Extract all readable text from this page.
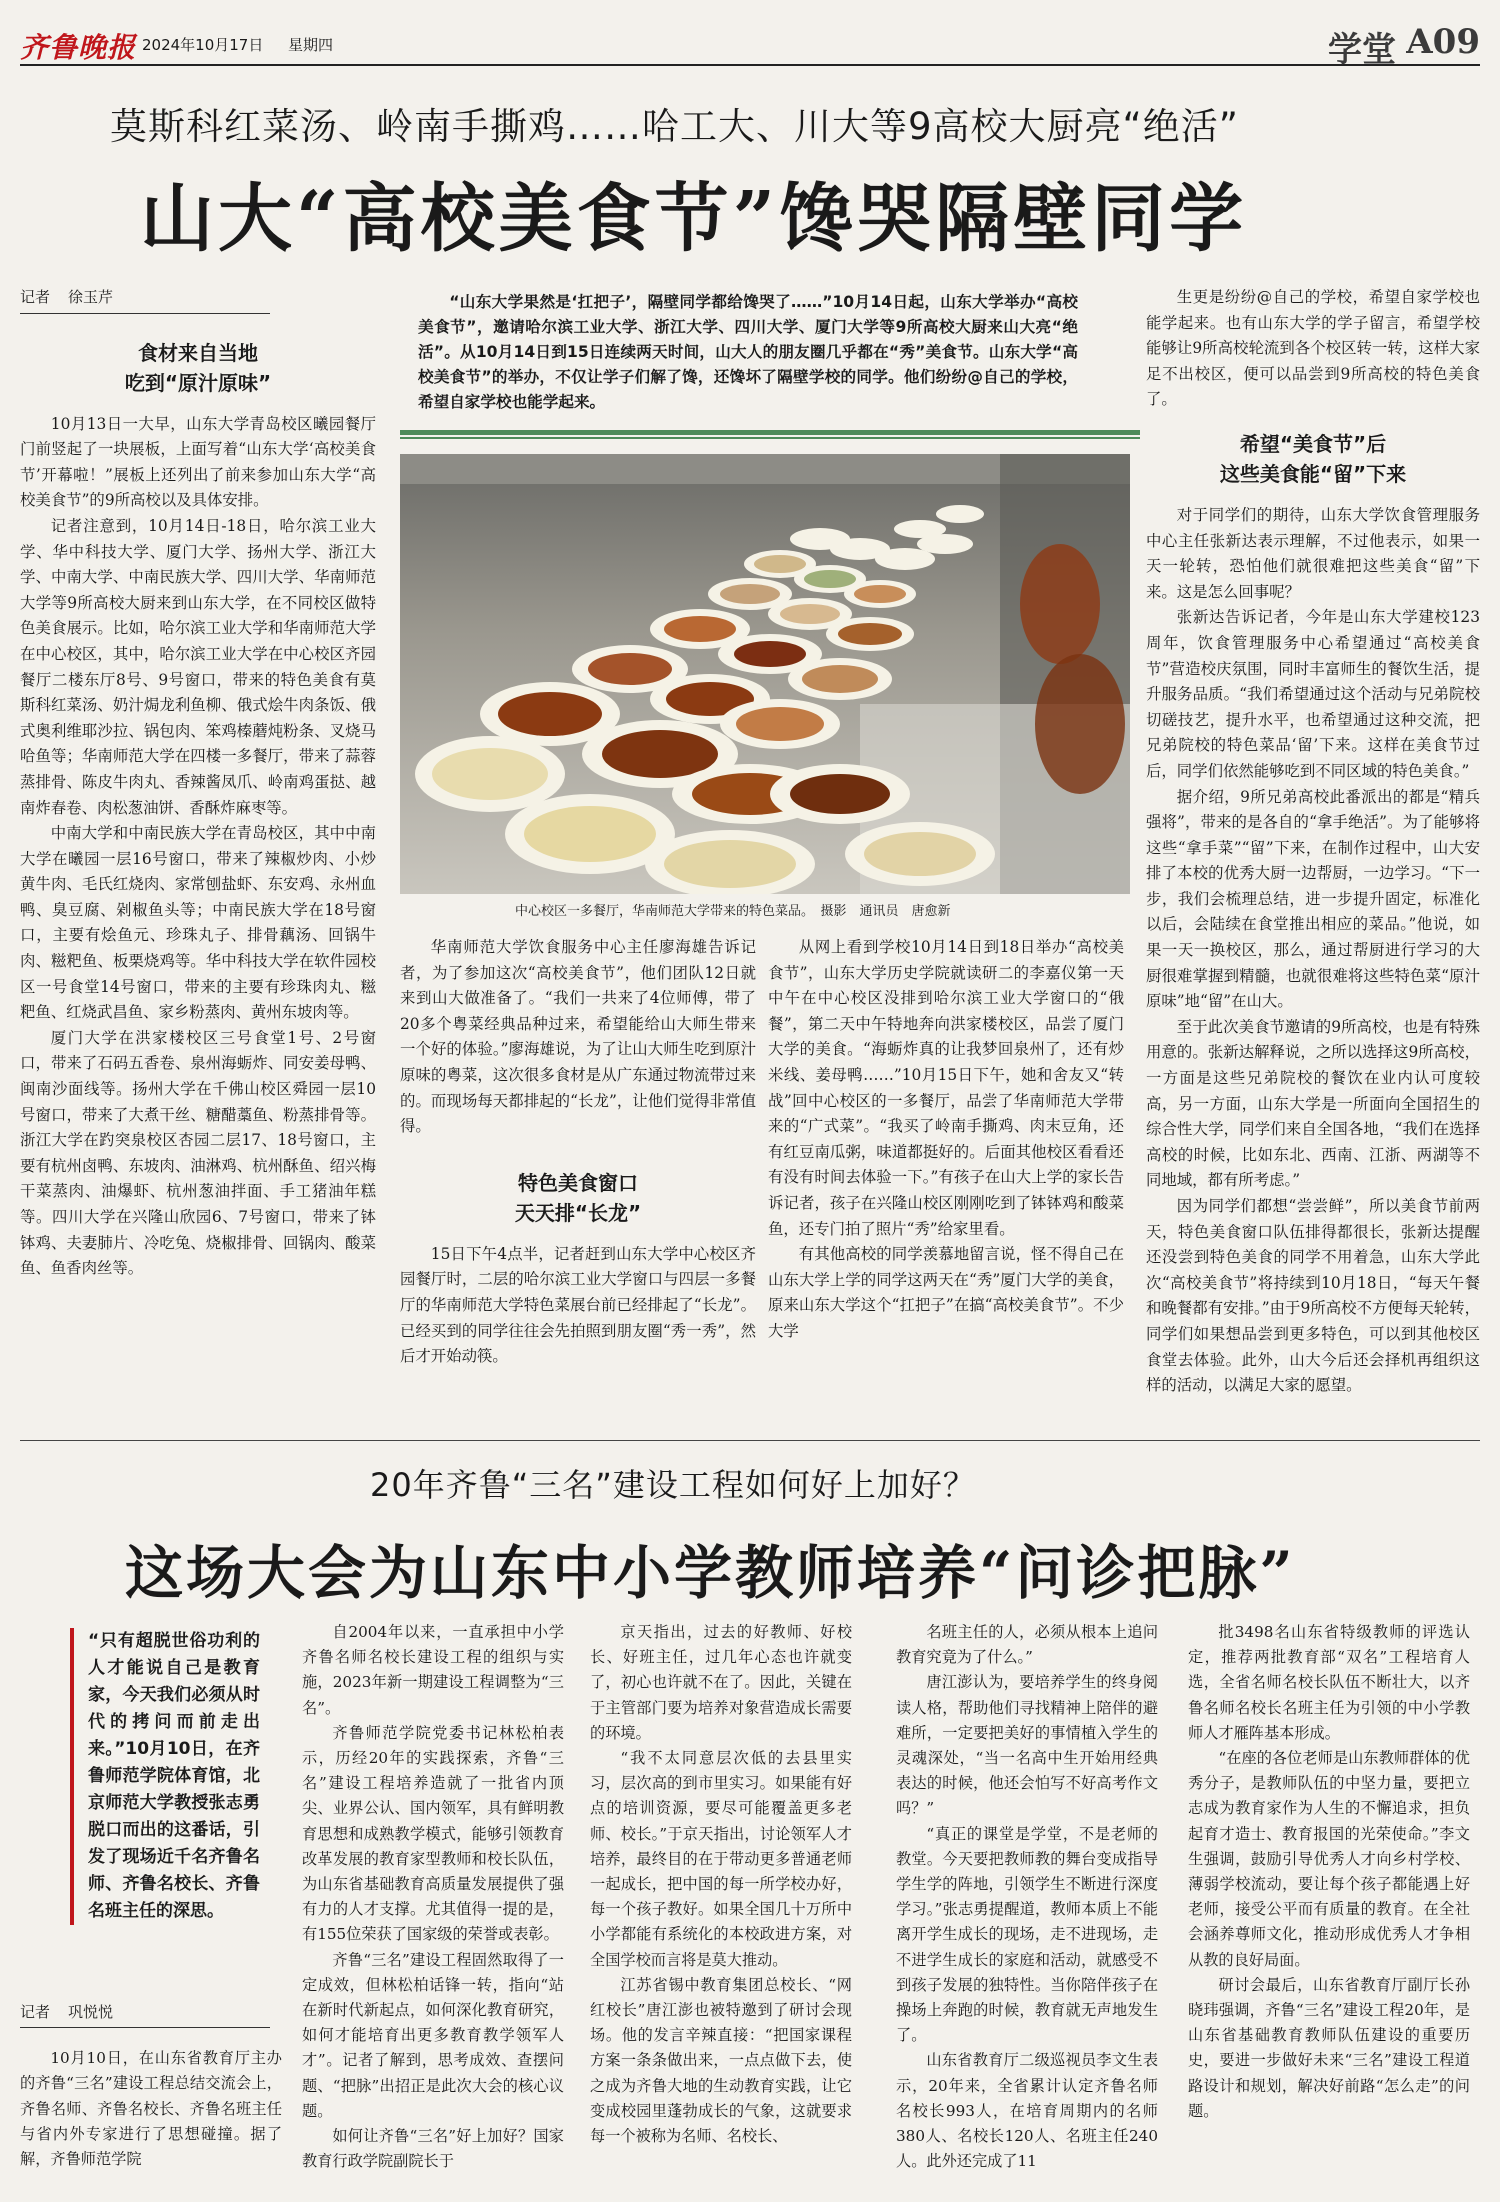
齐鲁晚报 2024年10月17日 星期四	学堂 A09
莫斯科红菜汤、岭南手撕鸡……哈工大、川大等9高校大厨亮“绝活”
山大“高校美食节”馋哭隔壁同学
记者 徐玉芹
食材来自当地
吃到“原汁原味”

10月13日一大早，山东大学青岛校区曦园餐厅门前竖起了一块展板，上面写着“山东大学‘高校美食节’开幕啦！”展板上还列出了前来参加山东大学“高校美食节”的9所高校以及具体安排。

记者注意到，10月14日-18日，哈尔滨工业大学、华中科技大学、厦门大学、扬州大学、浙江大学、中南大学、中南民族大学、四川大学、华南师范大学等9所高校大厨来到山东大学，在不同校区做特色美食展示。比如，哈尔滨工业大学和华南师范大学在中心校区，其中，哈尔滨工业大学在中心校区齐园餐厅二楼东厅8号、9号窗口，带来的特色美食有莫斯科红菜汤、奶汁焗龙利鱼柳、俄式烩牛肉条饭、俄式奥利维耶沙拉、锅包肉、笨鸡榛蘑炖粉条、叉烧马哈鱼等；华南师范大学在四楼一多餐厅，带来了蒜蓉蒸排骨、陈皮牛肉丸、香辣酱凤爪、岭南鸡蛋挞、越南炸春卷、肉松葱油饼、香酥炸麻枣等。

中南大学和中南民族大学在青岛校区，其中中南大学在曦园一层16号窗口，带来了辣椒炒肉、小炒黄牛肉、毛氏红烧肉、家常刨盐虾、东安鸡、永州血鸭、臭豆腐、剁椒鱼头等；中南民族大学在18号窗口，主要有烩鱼元、珍珠丸子、排骨藕汤、回锅牛肉、糍粑鱼、板栗烧鸡等。华中科技大学在软件园校区一号食堂14号窗口，带来的主要有珍珠肉丸、糍粑鱼、红烧武昌鱼、家乡粉蒸肉、黄州东坡肉等。

厦门大学在洪家楼校区三号食堂1号、2号窗口，带来了石码五香卷、泉州海蛎炸、同安姜母鸭、闽南沙面线等。扬州大学在千佛山校区舜园一层10号窗口，带来了大煮干丝、糖醋藁鱼、粉蒸排骨等。浙江大学在趵突泉校区杏园二层17、18号窗口，主要有杭州卤鸭、东坡肉、油淋鸡、杭州酥鱼、绍兴梅干菜蒸肉、油爆虾、杭州葱油拌面、手工猪油年糕等。四川大学在兴隆山欣园6、7号窗口，带来了钵钵鸡、夫妻肺片、冷吃兔、烧椒排骨、回锅肉、酸菜鱼、鱼香肉丝等。

“山东大学果然是‘扛把子’，隔壁同学都给馋哭了……”10月14日起，山东大学举办“高校美食节”，邀请哈尔滨工业大学、浙江大学、四川大学、厦门大学等9所高校大厨来山大亮“绝活”。从10月14日到15日连续两天时间，山大人的朋友圈几乎都在“秀”美食节。山东大学“高校美食节”的举办，不仅让学子们解了馋，还馋坏了隔壁学校的同学。他们纷纷@自己的学校，希望自家学校也能学起来。
中心校区一多餐厅，华南师范大学带来的特色菜品。　摄影　通讯员　唐愈新

华南师范大学饮食服务中心主任廖海雄告诉记者，为了参加这次“高校美食节”，他们团队12日就来到山大做准备了。“我们一共来了4位师傅，带了20多个粤菜经典品种过来，希望能给山大师生带来一个好的体验。”廖海雄说，为了让山大师生吃到原汁原味的粤菜，这次很多食材是从广东通过物流带过来的。而现场每天都排起的“长龙”，让他们觉得非常值得。

特色美食窗口
天天排“长龙”

15日下午4点半，记者赶到山东大学中心校区齐园餐厅时，二层的哈尔滨工业大学窗口与四层一多餐厅的华南师范大学特色菜展台前已经排起了“长龙”。已经买到的同学往往会先拍照到朋友圈“秀一秀”，然后才开始动筷。

从网上看到学校10月14日到18日举办“高校美食节”，山东大学历史学院就读研二的李嘉仪第一天中午在中心校区没排到哈尔滨工业大学窗口的“俄餐”，第二天中午特地奔向洪家楼校区，品尝了厦门大学的美食。“海蛎炸真的让我梦回泉州了，还有炒米线、姜母鸭……”10月15日下午，她和舍友又“转战”回中心校区的一多餐厅，品尝了华南师范大学带来的“广式菜”。“我买了岭南手撕鸡、肉末豆角，还有红豆南瓜粥，味道都挺好的。后面其他校区看看还有没有时间去体验一下。”有孩子在山大上学的家长告诉记者，孩子在兴隆山校区刚刚吃到了钵钵鸡和酸菜鱼，还专门拍了照片“秀”给家里看。

有其他高校的同学羡慕地留言说，怪不得自己在山东大学上学的同学这两天在“秀”厦门大学的美食，原来山东大学这个“扛把子”在搞“高校美食节”。不少大学

生更是纷纷@自己的学校，希望自家学校也能学起来。也有山东大学的学子留言，希望学校能够让9所高校轮流到各个校区转一转，这样大家足不出校区，便可以品尝到9所高校的特色美食了。

希望“美食节”后
这些美食能“留”下来

对于同学们的期待，山东大学饮食管理服务中心主任张新达表示理解，不过他表示，如果一天一轮转，恐怕他们就很难把这些美食“留”下来。这是怎么回事呢？

张新达告诉记者，今年是山东大学建校123周年，饮食管理服务中心希望通过“高校美食节”营造校庆氛围，同时丰富师生的餐饮生活，提升服务品质。“我们希望通过这个活动与兄弟院校切磋技艺，提升水平，也希望通过这种交流，把兄弟院校的特色菜品‘留’下来。这样在美食节过后，同学们依然能够吃到不同区域的特色美食。”

据介绍，9所兄弟高校此番派出的都是“精兵强将”，带来的是各自的“拿手绝活”。为了能够将这些“拿手菜”“留”下来，在制作过程中，山大安排了本校的优秀大厨一边帮厨，一边学习。“下一步，我们会梳理总结，进一步提升固定，标准化以后，会陆续在食堂推出相应的菜品。”他说，如果一天一换校区，那么，通过帮厨进行学习的大厨很难掌握到精髓，也就很难将这些特色菜“原汁原味”地“留”在山大。

至于此次美食节邀请的9所高校，也是有特殊用意的。张新达解释说，之所以选择这9所高校，一方面是这些兄弟院校的餐饮在业内认可度较高，另一方面，山东大学是一所面向全国招生的综合性大学，同学们来自全国各地，“我们在选择高校的时候，比如东北、西南、江浙、两湖等不同地域，都有所考虑。”

因为同学们都想“尝尝鲜”，所以美食节前两天，特色美食窗口队伍排得都很长，张新达提醒还没尝到特色美食的同学不用着急，山东大学此次“高校美食节”将持续到10月18日，“每天午餐和晚餐都有安排。”由于9所高校不方便每天轮转，同学们如果想品尝到更多特色，可以到其他校区食堂去体验。此外，山大今后还会择机再组织这样的活动，以满足大家的愿望。

20年齐鲁“三名”建设工程如何好上加好？
这场大会为山东中小学教师培养“问诊把脉”
“只有超脱世俗功利的人才能说自己是教育家，今天我们必须从时代的拷问而前走出来。”10月10日，在齐鲁师范学院体育馆，北京师范大学教授张志勇脱口而出的这番话，引发了现场近千名齐鲁名师、齐鲁名校长、齐鲁名班主任的深思。
记者 巩悦悦

10月10日，在山东省教育厅主办的齐鲁“三名”建设工程总结交流会上，齐鲁名师、齐鲁名校长、齐鲁名班主任与省内外专家进行了思想碰撞。据了解，齐鲁师范学院

自2004年以来，一直承担中小学齐鲁名师名校长建设工程的组织与实施，2023年新一期建设工程调整为“三名”。

齐鲁师范学院党委书记林松柏表示，历经20年的实践探索，齐鲁“三名”建设工程培养造就了一批省内顶尖、业界公认、国内领军，具有鲜明教育思想和成熟教学模式，能够引领教育改革发展的教育家型教师和校长队伍，为山东省基础教育高质量发展提供了强有力的人才支撑。尤其值得一提的是，有155位荣获了国家级的荣誉或表彰。

齐鲁“三名”建设工程固然取得了一定成效，但林松柏话锋一转，指向“站在新时代新起点，如何深化教育研究，如何才能培育出更多教育教学领军人才”。记者了解到，思考成效、查摆问题、“把脉”出招正是此次大会的核心议题。

如何让齐鲁“三名”好上加好？国家教育行政学院副院长于

京天指出，过去的好教师、好校长、好班主任，过几年心态也许就变了，初心也许就不在了。因此，关键在于主管部门要为培养对象营造成长需要的环境。

“我不太同意层次低的去县里实习，层次高的到市里实习。如果能有好点的培训资源，要尽可能覆盖更多老师、校长。”于京天指出，讨论领军人才培养，最终目的在于带动更多普通老师一起成长，把中国的每一所学校办好，每一个孩子教好。如果全国几十万所中小学都能有系统化的本校政进方案，对全国学校而言将是莫大推动。

江苏省锡中教育集团总校长、“网红校长”唐江澎也被特邀到了研讨会现场。他的发言辛辣直接：“把国家课程方案一条条做出来，一点点做下去，使之成为齐鲁大地的生动教育实践，让它变成校园里蓬勃成长的气象，这就要求每一个被称为名师、名校长、

名班主任的人，必须从根本上追问教育究竟为了什么。”

唐江澎认为，要培养学生的终身阅读人格，帮助他们寻找精神上陪伴的避难所，一定要把美好的事情植入学生的灵魂深处，“当一名高中生开始用经典表达的时候，他还会怕写不好高考作文吗？”

“真正的课堂是学堂，不是老师的教堂。今天要把教师教的舞台变成指导学生学的阵地，引领学生不断进行深度学习。”张志勇提醒道，教师本质上不能离开学生成长的现场，走不进现场，走不进学生成长的家庭和活动，就感受不到孩子发展的独特性。当你陪伴孩子在操场上奔跑的时候，教育就无声地发生了。

山东省教育厅二级巡视员李文生表示，20年来，全省累计认定齐鲁名师名校长993人，在培育周期内的名师380人、名校长120人、名班主任240人。此外还完成了11

批3498名山东省特级教师的评选认定，推荐两批教育部“双名”工程培育人选，全省名师名校长队伍不断壮大，以齐鲁名师名校长名班主任为引领的中小学教师人才雁阵基本形成。

“在座的各位老师是山东教师群体的优秀分子，是教师队伍的中坚力量，要把立志成为教育家作为人生的不懈追求，担负起育才造士、教育报国的光荣使命。”李文生强调，鼓励引导优秀人才向乡村学校、薄弱学校流动，要让每个孩子都能遇上好老师，接受公平而有质量的教育。在全社会涵养尊师文化，推动形成优秀人才争相从教的良好局面。

研讨会最后，山东省教育厅副厅长孙晓玮强调，齐鲁“三名”建设工程20年，是山东省基础教育教师队伍建设的重要历史，要进一步做好未来“三名”建设工程道路设计和规划，解决好前路“怎么走”的问题。
